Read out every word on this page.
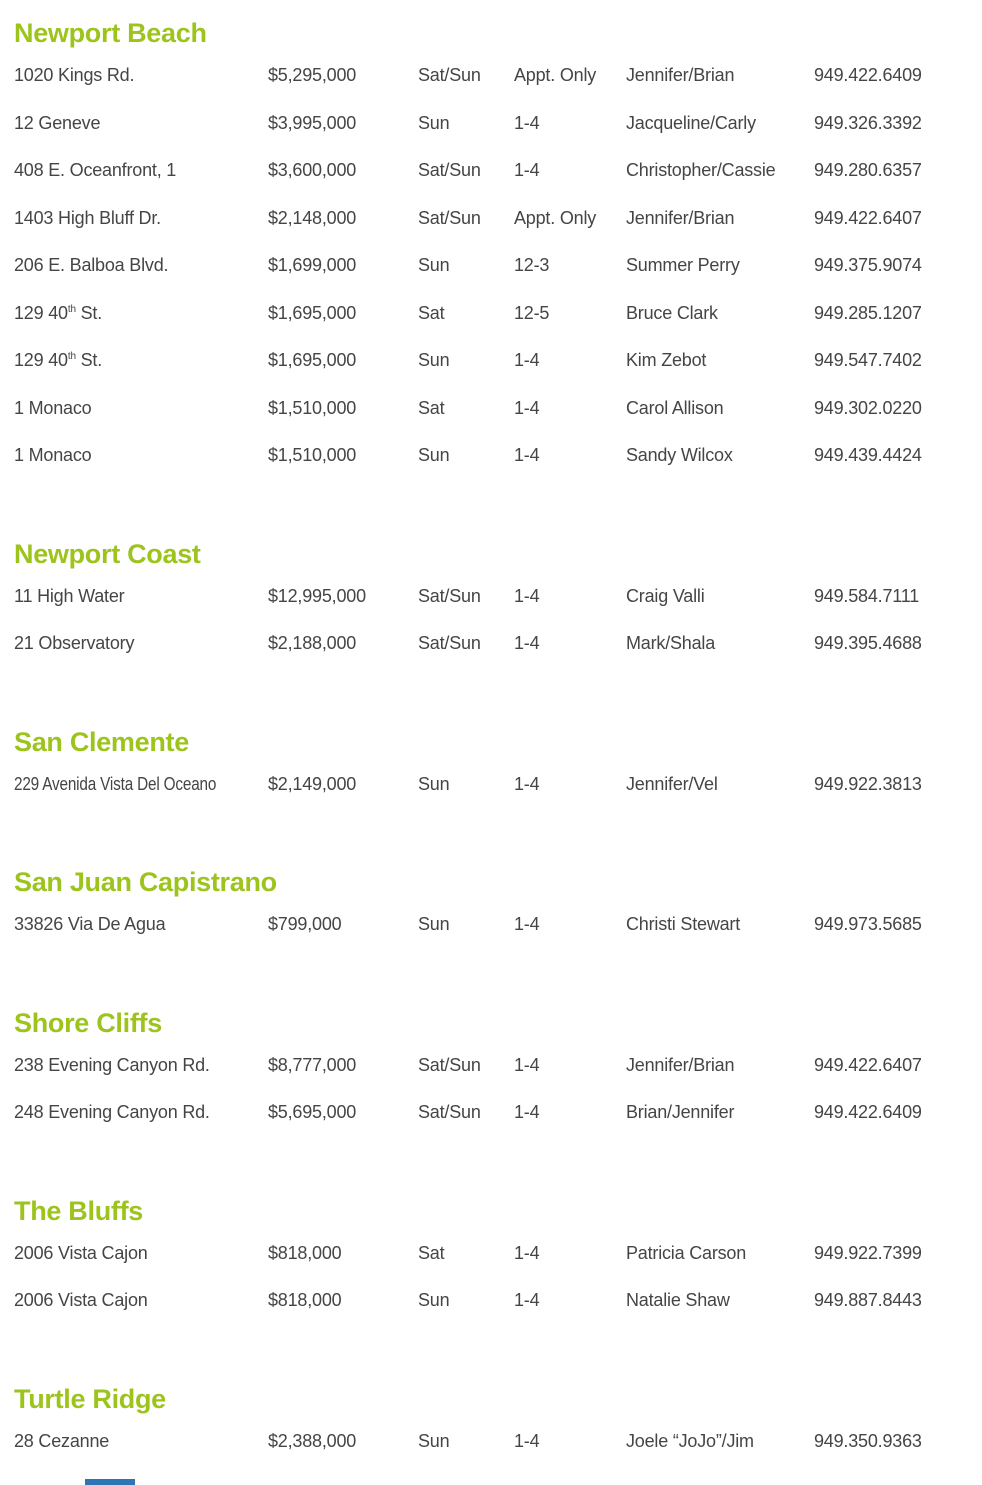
Newport Beach
1020 Kings Rd.	$5,295,000	Sat/Sun	Appt. Only	Jennifer/Brian	949.422.6409
12 Geneve	$3,995,000	Sun	1-4	Jacqueline/Carly	949.326.3392
408 E. Oceanfront, 1	$3,600,000	Sat/Sun	1-4	Christopher/Cassie	949.280.6357
1403 High Bluff Dr.	$2,148,000	Sat/Sun	Appt. Only	Jennifer/Brian	949.422.6407
206 E. Balboa Blvd.	$1,699,000	Sun	12-3	Summer Perry	949.375.9074
129 40th St.	$1,695,000	Sat	12-5	Bruce Clark	949.285.1207
129 40th St.	$1,695,000	Sun	1-4	Kim Zebot	949.547.7402
1 Monaco	$1,510,000	Sat	1-4	Carol Allison	949.302.0220
1 Monaco	$1,510,000	Sun	1-4	Sandy Wilcox	949.439.4424
Newport Coast
11 High Water	$12,995,000	Sat/Sun	1-4	Craig Valli	949.584.7111
21 Observatory	$2,188,000	Sat/Sun	1-4	Mark/Shala	949.395.4688
San Clemente
229 Avenida Vista Del Oceano	$2,149,000	Sun	1-4	Jennifer/Vel	949.922.3813
San Juan Capistrano
33826 Via De Agua	$799,000	Sun	1-4	Christi Stewart	949.973.5685
Shore Cliffs
238 Evening Canyon Rd.	$8,777,000	Sat/Sun	1-4	Jennifer/Brian	949.422.6407
248 Evening Canyon Rd.	$5,695,000	Sat/Sun	1-4	Brian/Jennifer	949.422.6409
The Bluffs
2006 Vista Cajon	$818,000	Sat	1-4	Patricia Carson	949.922.7399
2006 Vista Cajon	$818,000	Sun	1-4	Natalie Shaw	949.887.8443
Turtle Ridge
28 Cezanne	$2,388,000	Sun	1-4	Joele “JoJo”/Jim	949.350.9363
